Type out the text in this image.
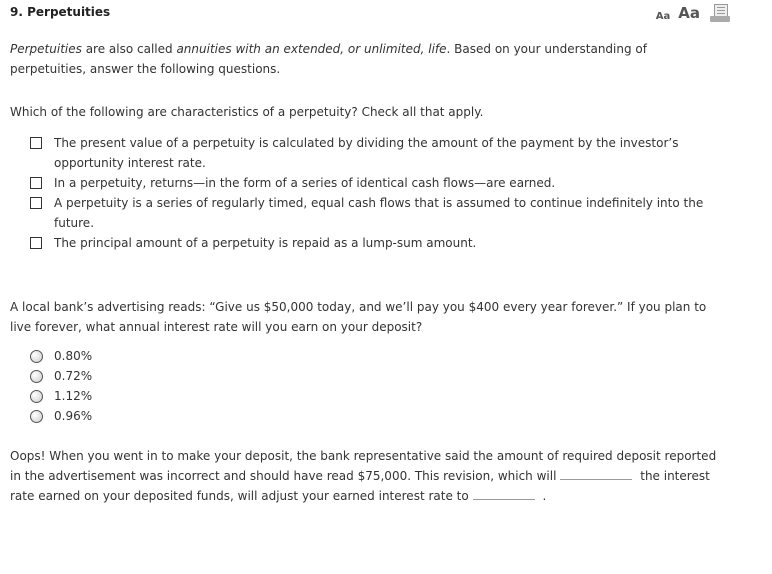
9. Perpetuities	Aa Aa

Perpetuities are also called annuities with an extended, or unlimited, life. Based on your understanding of perpetuities, answer the following questions.

Which of the following are characteristics of a perpetuity? Check all that apply.

The present value of a perpetuity is calculated by dividing the amount of the payment by the investor’s opportunity interest rate.
In a perpetuity, returns—in the form of a series of identical cash flows—are earned.
A perpetuity is a series of regularly timed, equal cash flows that is assumed to continue indefinitely into the future.
The principal amount of a perpetuity is repaid as a lump-sum amount.

A local bank’s advertising reads: “Give us $50,000 today, and we’ll pay you $400 every year forever.” If you plan to live forever, what annual interest rate will you earn on your deposit?

0.80%
0.72%
1.12%
0.96%

Oops! When you went in to make your deposit, the bank representative said the amount of required deposit reported in the advertisement was incorrect and should have read $75,000. This revision, which will	the interest rate earned on your deposited funds, will adjust your earned interest rate to	.
